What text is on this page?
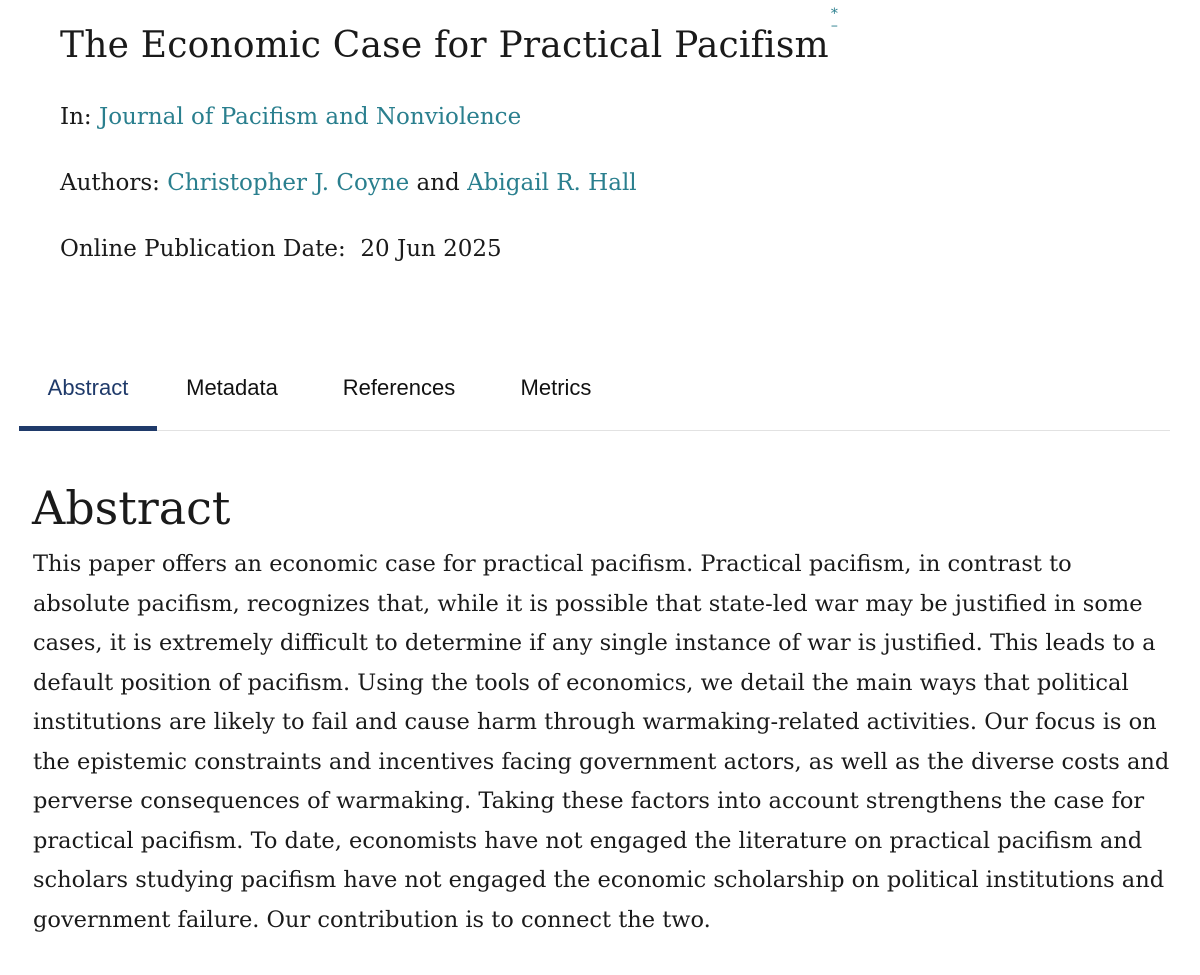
The Economic Case for Practical Pacifism
*
–
In: Journal of Pacifism and Nonviolence
Authors: Christopher J. Coyne and Abigail R. Hall
Online Publication Date: 20 Jun 2025
Abstract	Metadata	References	Metrics
Abstract

This paper offers an economic case for practical pacifism. Practical pacifism, in contrast to absolute pacifism, recognizes that, while it is possible that state-led war may be justified in some cases, it is extremely difficult to determine if any single instance of war is justified. This leads to a default position of pacifism. Using the tools of economics, we detail the main ways that political institutions are likely to fail and cause harm through warmaking-related activities. Our focus is on the epistemic constraints and incentives facing government actors, as well as the diverse costs and perverse consequences of warmaking. Taking these factors into account strengthens the case for practical pacifism. To date, economists have not engaged the literature on practical pacifism and scholars studying pacifism have not engaged the economic scholarship on political institutions and government failure. Our contribution is to connect the two.
